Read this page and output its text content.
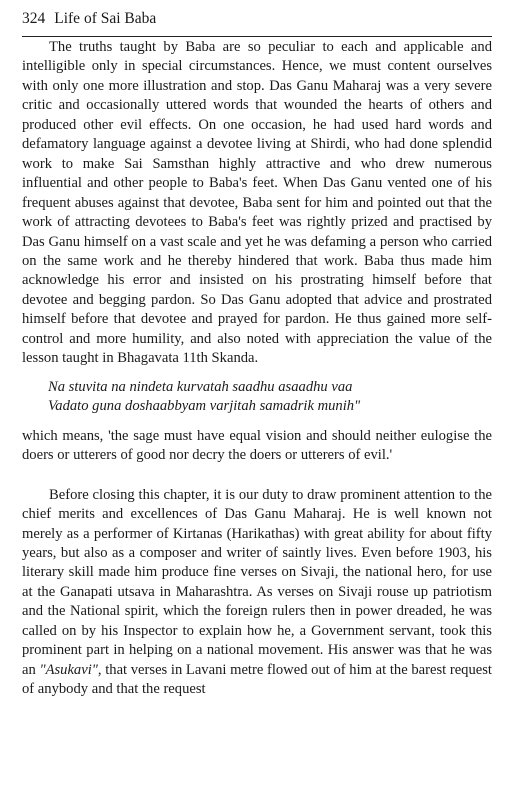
324 Life of Sai Baba

The truths taught by Baba are so peculiar to each and applicable and intelligible only in special circumstances. Hence, we must content ourselves with only one more illustration and stop. Das Ganu Maharaj was a very severe critic and occasionally uttered words that wounded the hearts of others and produced other evil effects. On one occasion, he had used hard words and defamatory language against a devotee living at Shirdi, who had done splendid work to make Sai Samsthan highly attractive and who drew numerous influential and other people to Baba's feet. When Das Ganu vented one of his frequent abuses against that devotee, Baba sent for him and pointed out that the work of attracting devotees to Baba's feet was rightly prized and practised by Das Ganu himself on a vast scale and yet he was defaming a person who carried on the same work and he thereby hindered that work. Baba thus made him acknowledge his error and insisted on his prostrating himself before that devotee and begging pardon. So Das Ganu adopted that advice and prostrated himself before that devotee and prayed for pardon. He thus gained more self-control and more humility, and also noted with appreciation the value of the lesson taught in Bhagavata 11th Skanda.

Na stuvita na nindeta kurvatah saadhu asaadhu vaa
Vadato guna doshaabbyam varjitah samadrik munih"

which means, 'the sage must have equal vision and should neither eulogise the doers or utterers of good nor decry the doers or utterers of evil.'

Before closing this chapter, it is our duty to draw prominent attention to the chief merits and excellences of Das Ganu Maharaj. He is well known not merely as a performer of Kirtanas (Harikathas) with great ability for about fifty years, but also as a composer and writer of saintly lives. Even before 1903, his literary skill made him produce fine verses on Sivaji, the national hero, for use at the Ganapati utsava in Maharashtra. As verses on Sivaji rouse up patriotism and the National spirit, which the foreign rulers then in power dreaded, he was called on by his Inspector to explain how he, a Government servant, took this prominent part in helping on a national movement. His answer was that he was an "Asukavi", that verses in Lavani metre flowed out of him at the barest request of anybody and that the request
